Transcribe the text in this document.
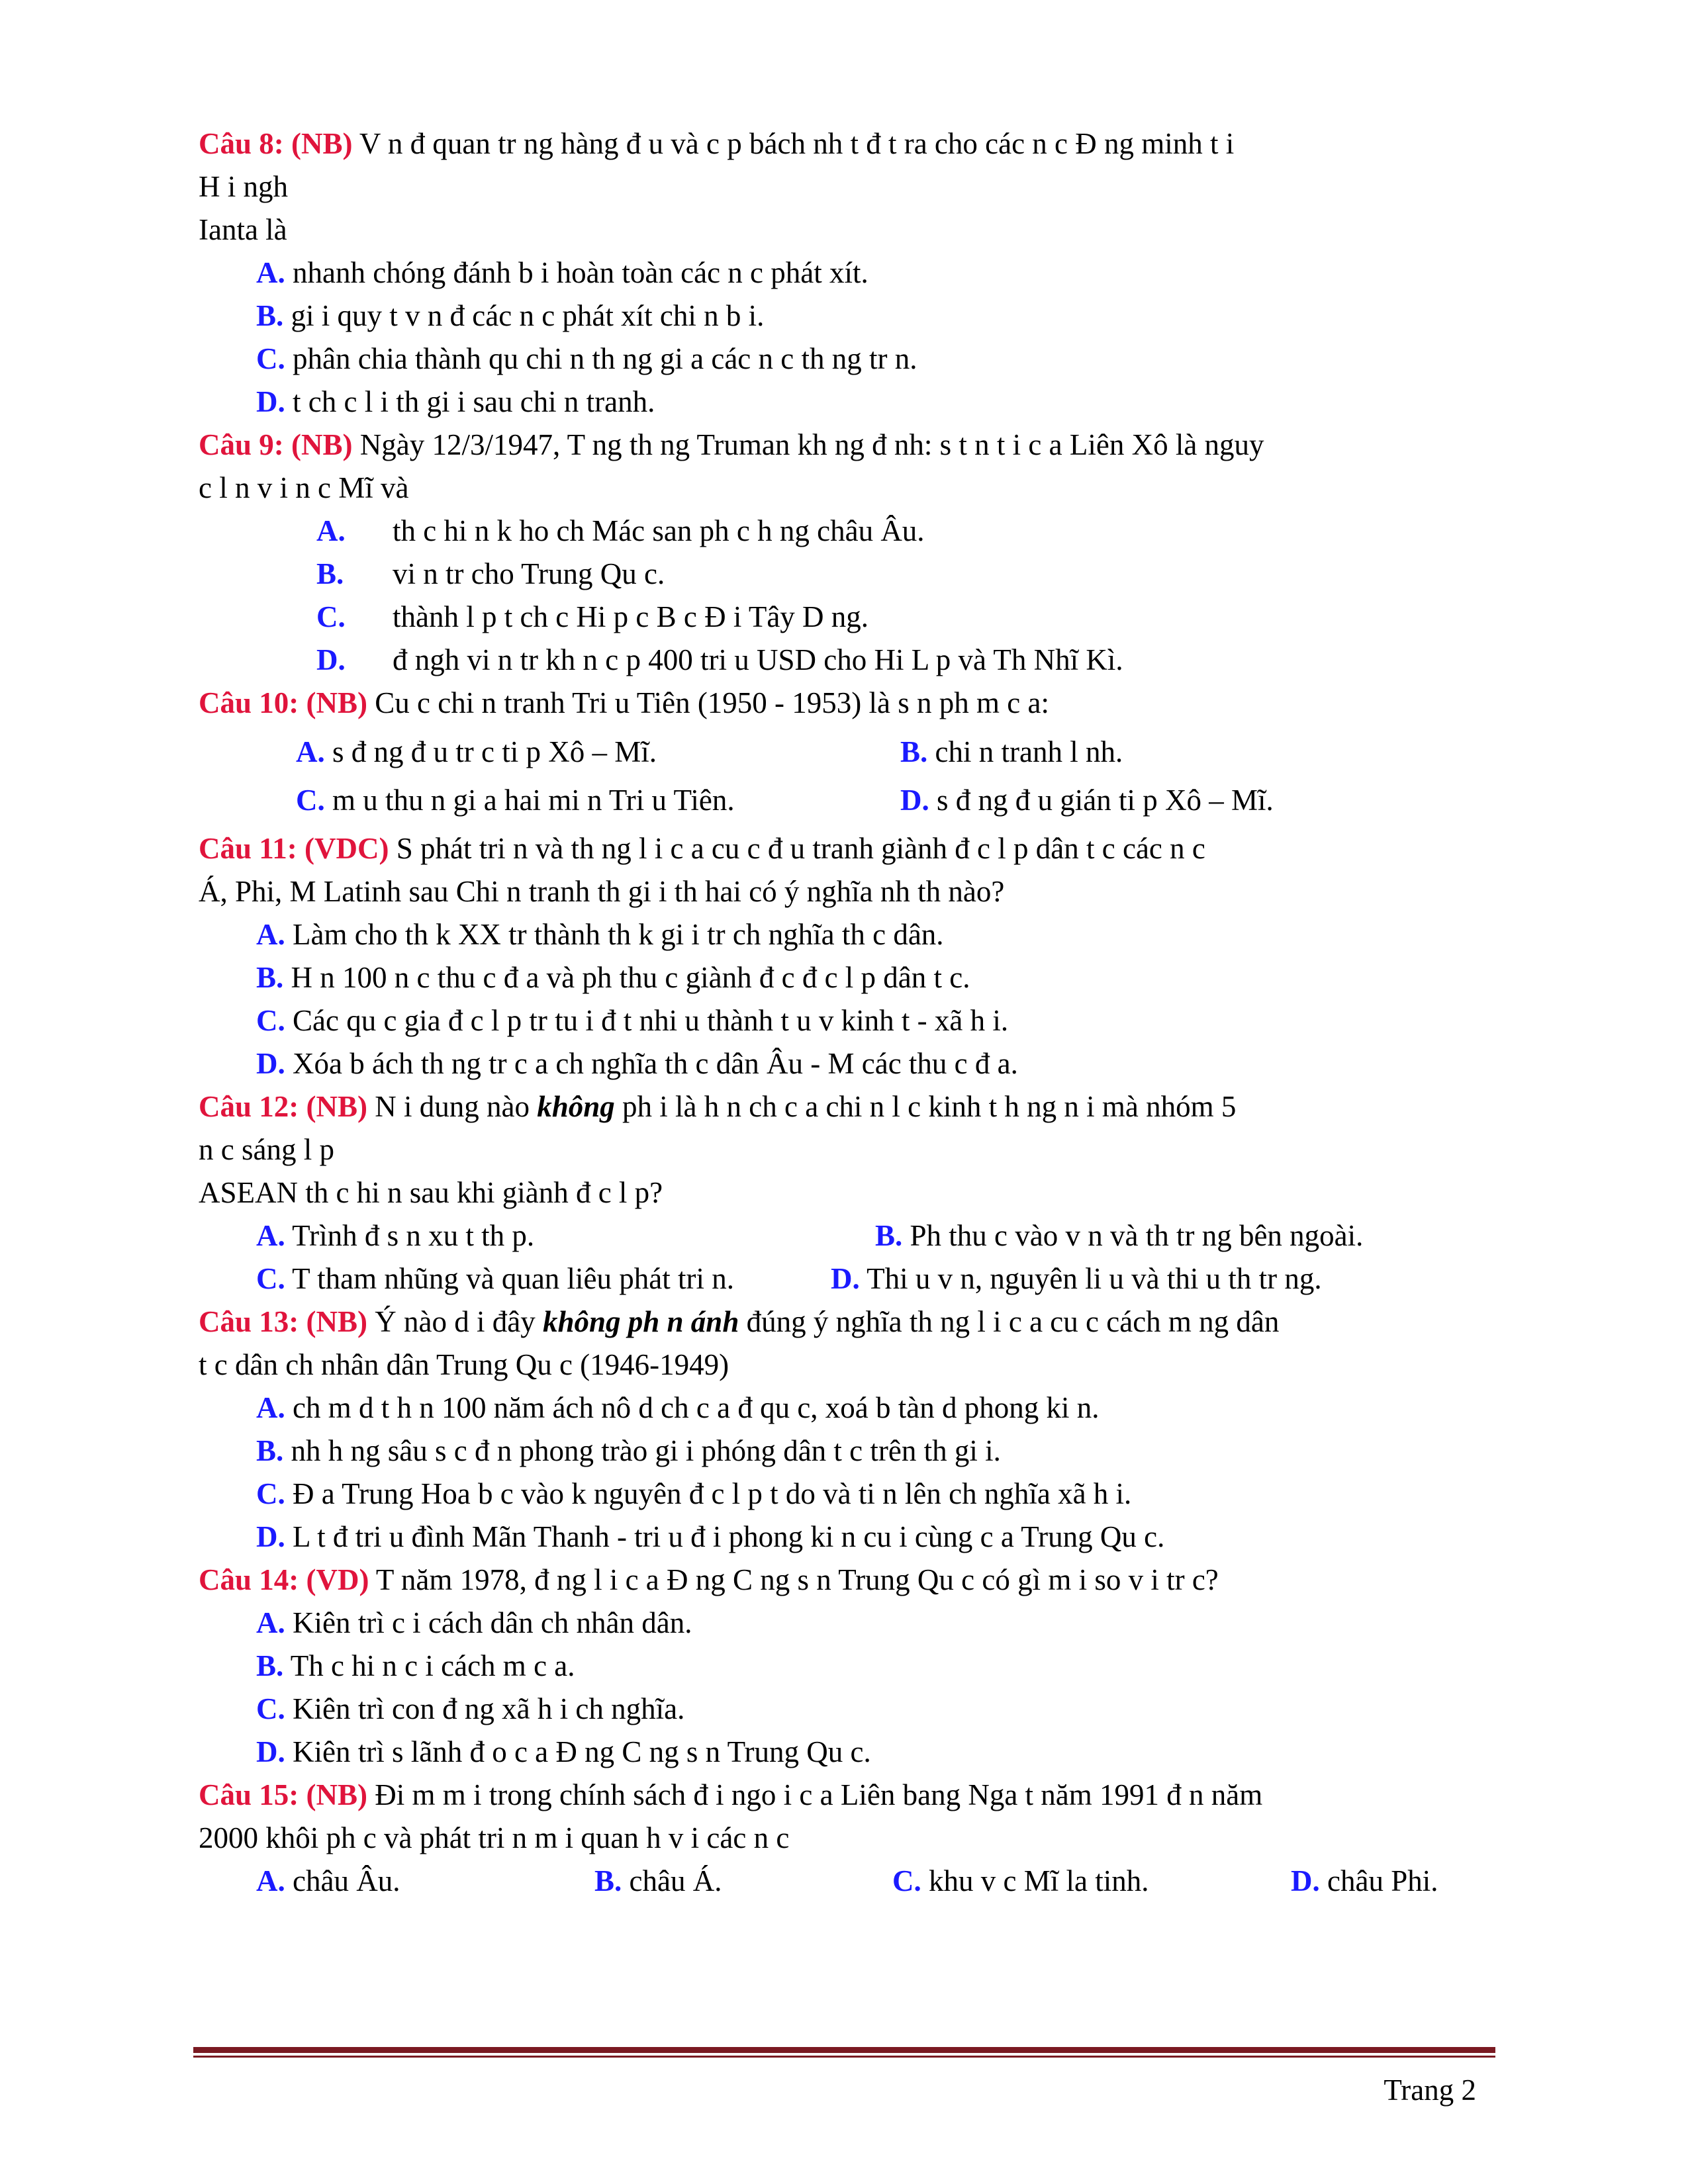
Câu 8: (NB) V n đ quan tr ng hàng đ u và c p bách nh t đ t ra cho các n c Đ ng minh t i
H i ngh
Ianta là
A. nhanh chóng đánh b i hoàn toàn các n c phát xít.
B. gi i quy t v n đ các n c phát xít chi n b i.
C. phân chia thành qu chi n th ng gi a các n c th ng tr n.
D. t ch c l i th gi i sau chi n tranh.
Câu 9: (NB) Ngày 12/3/1947, T ng th ng Truman kh ng đ nh: s t n t i c a Liên Xô là nguy
c l n v i n c Mĩ và
A. th c hi n k ho ch Mác san ph c h ng châu Âu.
B. vi n tr cho Trung Qu c.
C. thành l p t ch c Hi p c B c Đ i Tây D ng.
D. đ ngh vi n tr kh n c p 400 tri u USD cho Hi L p và Th Nhĩ Kì.
Câu 10: (NB) Cu c chi n tranh Tri u Tiên (1950 - 1953) là s n ph m c a:
A. s đ ng đ u tr c ti p Xô – Mĩ.	B. chi n tranh l nh.
C. m u thu n gi a hai mi n Tri u Tiên.	D. s đ ng đ u gián ti p Xô – Mĩ.
Câu 11: (VDC) S phát tri n và th ng l i c a cu c đ u tranh giành đ c l p dân t c các n c
Á, Phi, M Latinh sau Chi n tranh th gi i th hai có ý nghĩa nh th nào?
A. Làm cho th k XX tr thành th k gi i tr ch nghĩa th c dân.
B. H n 100 n c thu c đ a và ph thu c giành đ c đ c l p dân t c.
C. Các qu c gia đ c l p tr tu i đ t nhi u thành t u v kinh t - xã h i.
D. Xóa b ách th ng tr c a ch nghĩa th c dân Âu - M các thu c đ a.
Câu 12: (NB) N i dung nào không ph i là h n ch c a chi n l c kinh t h ng n i mà nhóm 5
n c sáng l p
ASEAN th c hi n sau khi giành đ c l p?
A. Trình đ s n xu t th p.	B. Ph thu c vào v n và th tr ng bên ngoài.
C. T tham nhũng và quan liêu phát tri n.	D. Thi u v n, nguyên li u và thi u th tr ng.
Câu 13: (NB) Ý nào d i đây không ph n ánh đúng ý nghĩa th ng l i c a cu c cách m ng dân
t c dân ch nhân dân Trung Qu c (1946-1949)
A. ch m d t h n 100 năm ách nô d ch c a đ qu c, xoá b tàn d phong ki n.
B. nh h ng sâu s c đ n phong trào gi i phóng dân t c trên th gi i.
C. Đ a Trung Hoa b c vào k nguyên đ c l p t do và ti n lên ch nghĩa xã h i.
D. L t đ tri u đình Mãn Thanh - tri u đ i phong ki n cu i cùng c a Trung Qu c.
Câu 14: (VD) T năm 1978, đ ng l i c a Đ ng C ng s n Trung Qu c có gì m i so v i tr c?
A. Kiên trì c i cách dân ch nhân dân.
B. Th c hi n c i cách m c a.
C. Kiên trì con đ ng xã h i ch nghĩa.
D. Kiên trì s lãnh đ o c a Đ ng C ng s n Trung Qu c.
Câu 15: (NB) Đi m m i trong chính sách đ i ngo i c a Liên bang Nga t năm 1991 đ n năm
2000 khôi ph c và phát tri n m i quan h v i các n c
A. châu Âu.	B. châu Á.	C. khu v c Mĩ la tinh.	D. châu Phi.
Trang 2
